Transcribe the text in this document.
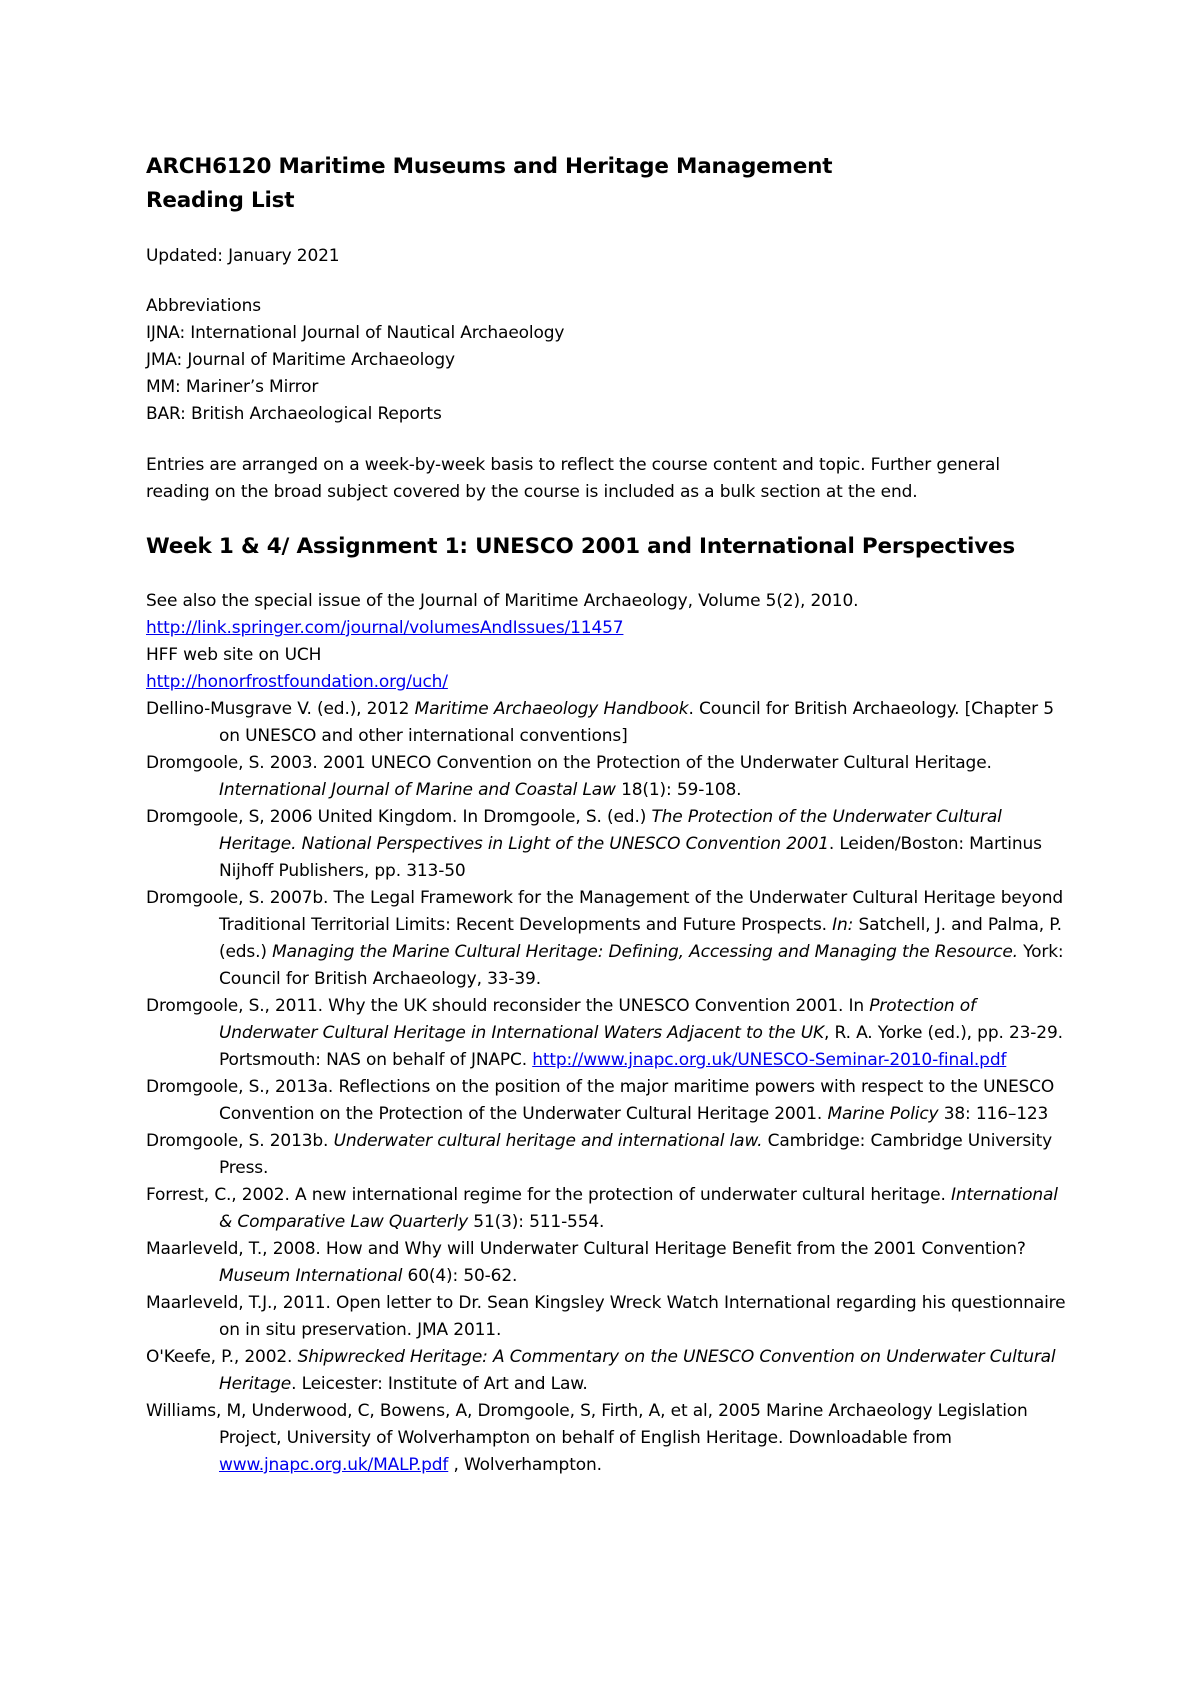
ARCH6120 Maritime Museums and Heritage Management

Reading List

Updated: January 2021

Abbreviations

IJNA: International Journal of Nautical Archaeology

JMA: Journal of Maritime Archaeology

MM: Mariner’s Mirror

BAR: British Archaeological Reports

Entries are arranged on a week-by-week basis to reflect the course content and topic. Further general reading on the broad subject covered by the course is included as a bulk section at the end.

Week 1 & 4/ Assignment 1: UNESCO 2001 and International Perspectives

See also the special issue of the Journal of Maritime Archaeology, Volume 5(2), 2010.

http://link.springer.com/journal/volumesAndIssues/11457

HFF web site on UCH

http://honorfrostfoundation.org/uch/

Dellino-Musgrave V. (ed.), 2012 Maritime Archaeology Handbook. Council for British Archaeology. [Chapter 5 on UNESCO and other international conventions]

Dromgoole, S. 2003. 2001 UNECO Convention on the Protection of the Underwater Cultural Heritage. International Journal of Marine and Coastal Law 18(1): 59-108.

Dromgoole, S, 2006 United Kingdom. In Dromgoole, S. (ed.) The Protection of the Underwater Cultural Heritage. National Perspectives in Light of the UNESCO Convention 2001. Leiden/Boston: Martinus Nijhoff Publishers, pp. 313-50

Dromgoole, S. 2007b. The Legal Framework for the Management of the Underwater Cultural Heritage beyond Traditional Territorial Limits: Recent Developments and Future Prospects. In: Satchell, J. and Palma, P. (eds.) Managing the Marine Cultural Heritage: Defining, Accessing and Managing the Resource. York: Council for British Archaeology, 33-39.

Dromgoole, S., 2011. Why the UK should reconsider the UNESCO Convention 2001. In Protection of Underwater Cultural Heritage in International Waters Adjacent to the UK, R. A. Yorke (ed.), pp. 23-29. Portsmouth: NAS on behalf of JNAPC. http://www.jnapc.org.uk/UNESCO-Seminar-2010-final.pdf

Dromgoole, S., 2013a. Reflections on the position of the major maritime powers with respect to the UNESCO Convention on the Protection of the Underwater Cultural Heritage 2001. Marine Policy 38: 116–123

Dromgoole, S. 2013b. Underwater cultural heritage and international law. Cambridge: Cambridge University Press.

Forrest, C., 2002. A new international regime for the protection of underwater cultural heritage. International & Comparative Law Quarterly 51(3): 511-554.

Maarleveld, T., 2008. How and Why will Underwater Cultural Heritage Benefit from the 2001 Convention? Museum International 60(4): 50-62.

Maarleveld, T.J., 2011. Open letter to Dr. Sean Kingsley Wreck Watch International regarding his questionnaire on in situ preservation. JMA 2011.

O'Keefe, P., 2002. Shipwrecked Heritage: A Commentary on the UNESCO Convention on Underwater Cultural Heritage. Leicester: Institute of Art and Law.

Williams, M, Underwood, C, Bowens, A, Dromgoole, S, Firth, A, et al, 2005 Marine Archaeology Legislation Project, University of Wolverhampton on behalf of English Heritage. Downloadable from www.jnapc.org.uk/MALP.pdf , Wolverhampton.
